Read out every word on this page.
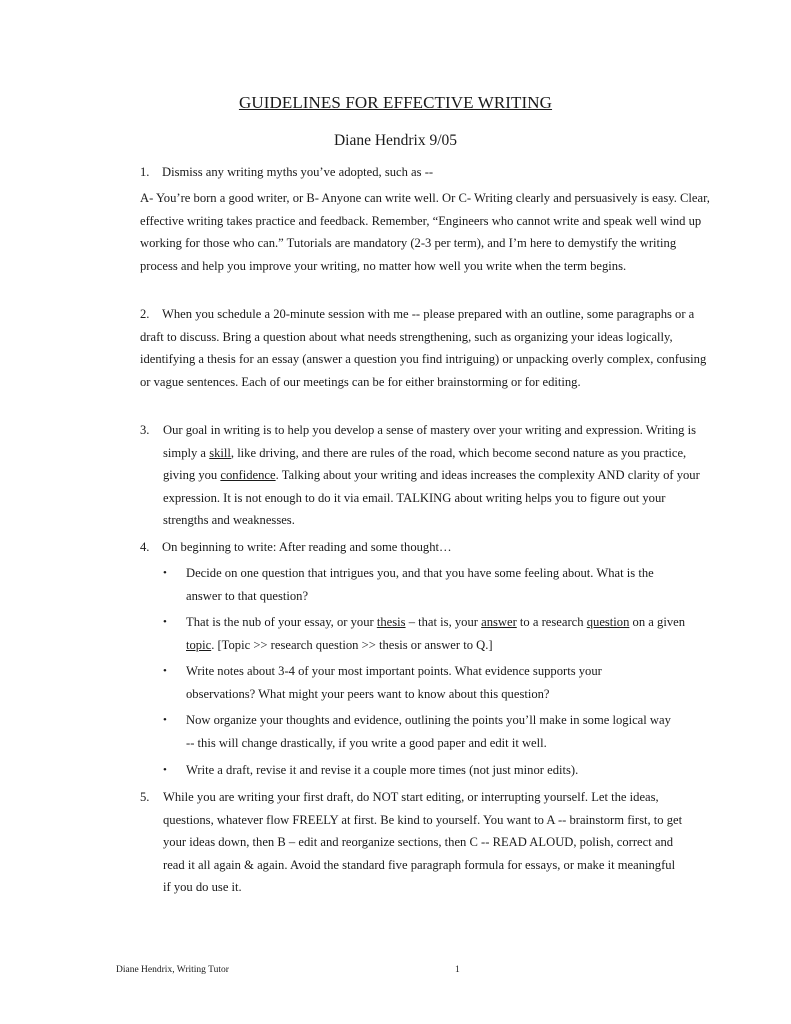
GUIDELINES FOR EFFECTIVE WRITING
Diane Hendrix 9/05
1. Dismiss any writing myths you’ve adopted, such as --

A- You’re born a good writer, or B- Anyone can write well. Or C- Writing clearly and persuasively is easy. Clear, effective writing takes practice and feedback. Remember, “Engineers who cannot write and speak well wind up working for those who can.” Tutorials are mandatory (2-3 per term), and I’m here to demystify the writing process and help you improve your writing, no matter how well you write when the term begins.

2. When you schedule a 20-minute session with me -- please prepared with an outline, some paragraphs or a draft to discuss. Bring a question about what needs strengthening, such as organizing your ideas logically, identifying a thesis for an essay (answer a question you find intriguing) or unpacking overly complex, confusing or vague sentences. Each of our meetings can be for either brainstorming or for editing.
3.	Our goal in writing is to help you develop a sense of mastery over your writing and expression. Writing is simply a skill, like driving, and there are rules of the road, which become second nature as you practice, giving you confidence. Talking about your writing and ideas increases the complexity AND clarity of your expression. It is not enough to do it via email. TALKING about writing helps you to figure out your strengths and weaknesses.
4. On beginning to write: After reading and some thought…
• Decide on one question that intrigues you, and that you have some feeling about. What is the answer to that question?
• That is the nub of your essay, or your thesis – that is, your answer to a research question on a given topic. [Topic >> research question >> thesis or answer to Q.]
• Write notes about 3-4 of your most important points. What evidence supports your observations? What might your peers want to know about this question?
• Now organize your thoughts and evidence, outlining the points you’ll make in some logical way -- this will change drastically, if you write a good paper and edit it well.
• Write a draft, revise it and revise it a couple more times (not just minor edits).
5.	While you are writing your first draft, do NOT start editing, or interrupting yourself. Let the ideas, questions, whatever flow FREELY at first. Be kind to yourself. You want to A -- brainstorm first, to get your ideas down, then B – edit and reorganize sections, then C -- READ ALOUD, polish, correct and read it all again & again. Avoid the standard five paragraph formula for essays, or make it meaningful if you do use it.
Diane Hendrix, Writing Tutor	1
